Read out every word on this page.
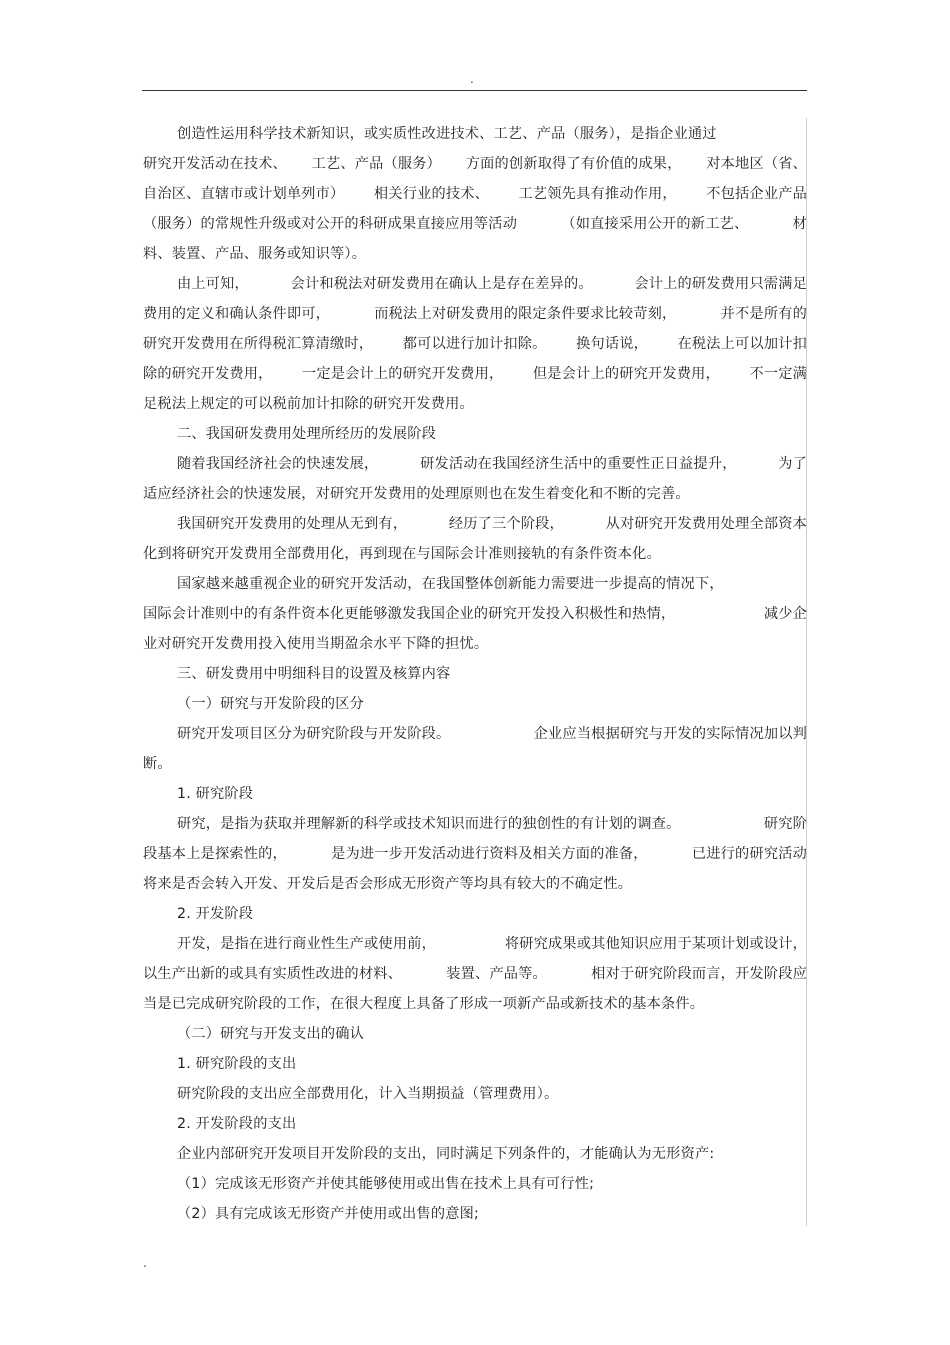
.
创造性运用科学技术新知识，或实质性改进技术、工艺、产品（服务），是指企业通过
研究开发活动在技术、 工艺、产品（服务） 方面的创新取得了有价值的成果， 对本地区（省、
自治区、直辖市或计划单列市） 相关行业的技术、 工艺领先具有推动作用， 不包括企业产品
（服务）的常规性升级或对公开的科研成果直接应用等活动	（如直接采用公开的新工艺、	材
料、装置、产品、服务或知识等）。
由上可知，	会计和税法对研发费用在确认上是存在差异的。	会计上的研发费用只需满足
费用的定义和确认条件即可，	而税法上对研发费用的限定条件要求比较苛刻，	并不是所有的
研究开发费用在所得税汇算清缴时， 都可以进行加计扣除。 换句话说， 在税法上可以加计扣
除的研究开发费用， 一定是会计上的研究开发费用， 但是会计上的研究开发费用， 不一定满
足税法上规定的可以税前加计扣除的研究开发费用。
二、我国研发费用处理所经历的发展阶段
随着我国经济社会的快速发展，	研发活动在我国经济生活中的重要性正日益提升，	为了
适应经济社会的快速发展，对研究开发费用的处理原则也在发生着变化和不断的完善。
我国研究开发费用的处理从无到有，	经历了三个阶段，	从对研究开发费用处理全部资本
化到将研究开发费用全部费用化，再到现在与国际会计准则接轨的有条件资本化。
国家越来越重视企业的研究开发活动，在我国整体创新能力需要进一步提高的情况下，
国际会计准则中的有条件资本化更能够激发我国企业的研究开发投入积极性和热情，	减少企
业对研究开发费用投入使用当期盈余水平下降的担忧。
三、研发费用中明细科目的设置及核算内容
（一）研究与开发阶段的区分
研究开发项目区分为研究阶段与开发阶段。	企业应当根据研究与开发的实际情况加以判
断。
1. 研究阶段
研究，是指为获取并理解新的科学或技术知识而进行的独创性的有计划的调查。	研究阶
段基本上是探索性的，	是为进一步开发活动进行资料及相关方面的准备，	已进行的研究活动
将来是否会转入开发、开发后是否会形成无形资产等均具有较大的不确定性。
2. 开发阶段
开发，是指在进行商业性生产或使用前，	将研究成果或其他知识应用于某项计划或设计，
以生产出新的或具有实质性改进的材料、	装置、产品等。	相对于研究阶段而言，开发阶段应
当是已完成研究阶段的工作，在很大程度上具备了形成一项新产品或新技术的基本条件。
（二）研究与开发支出的确认
1. 研究阶段的支出
研究阶段的支出应全部费用化，计入当期损益（管理费用）。
2. 开发阶段的支出
企业内部研究开发项目开发阶段的支出，同时满足下列条件的，才能确认为无形资产:
（1）完成该无形资产并使其能够使用或出售在技术上具有可行性;
（2）具有完成该无形资产并使用或出售的意图;
.
